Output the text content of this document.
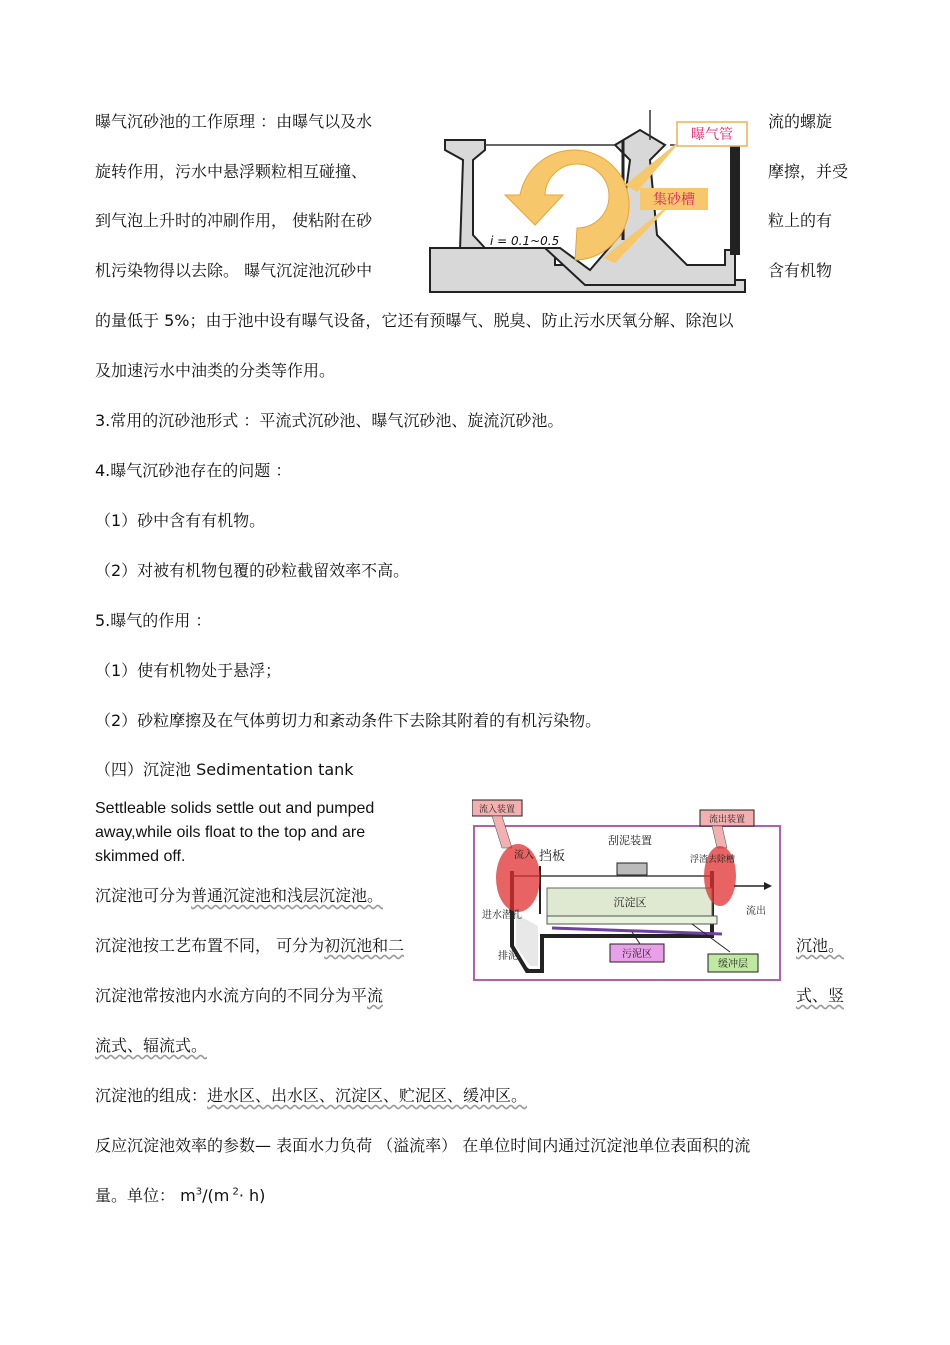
曝气沉砂池的工作原理 ：由曝气以及水	流的螺旋
旋转作用，污水中悬浮颗粒相互碰撞、	摩擦，并受
到气泡上升时的冲刷作用， 使粘附在砂	粒上的有
机污染物得以去除。 曝气沉淀池沉砂中	含有机物
的量低于 5%；由于池中设有曝气设备，它还有预曝气、脱臭、防止污水厌氧分解、除泡以
及加速污水中油类的分类等作用。
曝气管
集砂槽
i = 0.1~0.5
3.常用的沉砂池形式 ：平流式沉砂池、曝气沉砂池、旋流沉砂池。
4.曝气沉砂池存在的问题 ：
（1）砂中含有有机物。
（2）对被有机物包覆的砂粒截留效率不高。
5.曝气的作用 ：
（1）使有机物处于悬浮；
（2）砂粒摩擦及在气体剪切力和紊动条件下去除其附着的有机污染物。
（四）沉淀池 Sedimentation tank
Settleable solids settle out and pumped away,while oils float to the top and are skimmed off.
沉淀区
刮泥装置
挡板
流入装置
流出装置
流入	浮渣去除槽
流出
进水潜孔
排泥	污泥区
缓冲层
沉淀池可分为普通沉淀池和浅层沉淀池。
沉淀池按工艺布置不同， 可分为初沉池和二	沉池。
沉淀池常按池内水流方向的不同分为平流	式、竖
流式、辐流式。
沉淀池的组成：进水区、出水区、沉淀区、贮泥区、缓冲区。
反应沉淀池效率的参数— 表面水力负荷 （溢流率） 在单位时间内通过沉淀池单位表面积的流
量。单位： $m^3/(m$ $^2$· h)
